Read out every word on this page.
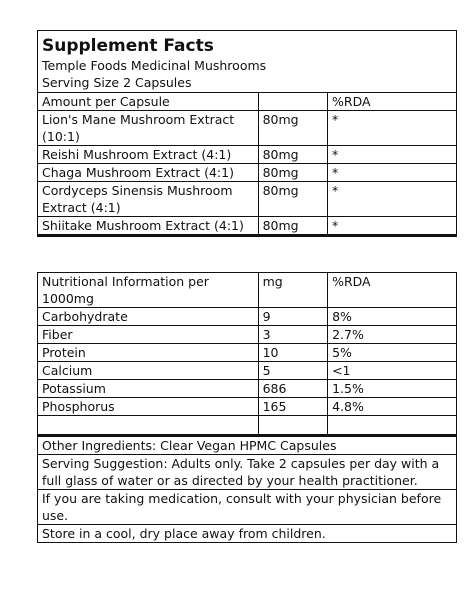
Supplement Facts
Temple Foods Medicinal Mushrooms
Serving Size 2 Capsules		

Amount per Capsule		%RDA
Lion's Mane Mushroom Extract (10:1)	80mg	*
Reishi Mushroom Extract (4:1)	80mg	*
Chaga Mushroom Extract (4:1)	80mg	*
Cordyceps Sinensis Mushroom Extract (4:1)	80mg	*
Shiitake Mushroom Extract (4:1)	80mg	*
Nutritional Information per 1000mg	mg	%RDA
Carbohydrate	9	8%
Fiber	3	2.7%
Protein	10	5%
Calcium	5	<1
Potassium	686	1.5%
Phosphorus	165	4.8%

Other Ingredients: Clear Vegan HPMC Capsules		
Serving Suggestion: Adults only. Take 2 capsules per day with a full glass of water or as directed by your health practitioner.		
If you are taking medication, consult with your physician before use.		
Store in a cool, dry place away from children.		
